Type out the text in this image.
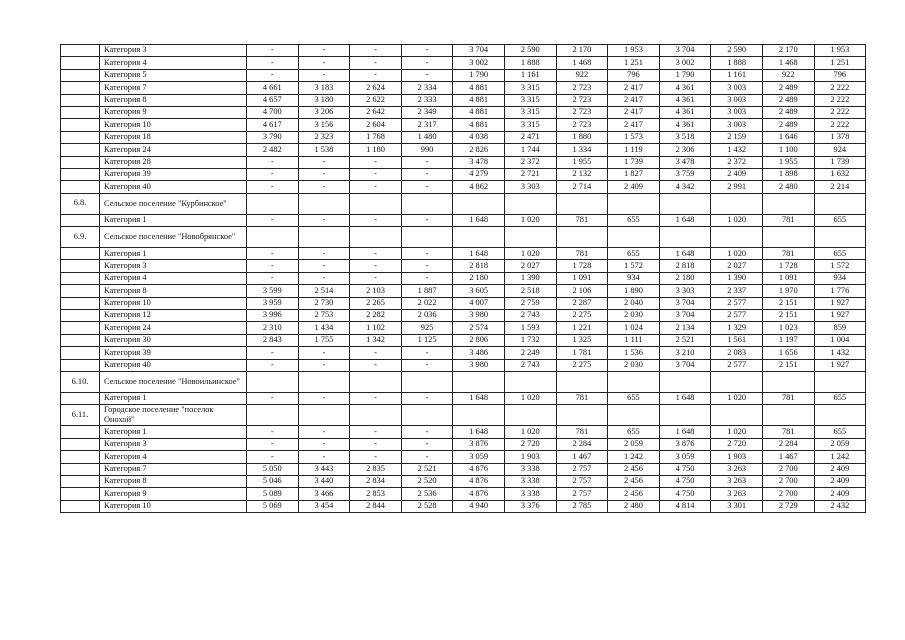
	Категория 3	-	-	-	-	3 704	2 590	2 170	1 953	3 704	2 590	2 170	1 953
	Категория 4	-	-	-	-	3 002	1 888	1 468	1 251	3 002	1 888	1 468	1 251
	Категория 5	-	-	-	-	1 790	1 161	922	796	1 790	1 161	922	796
	Категория 7	4 661	3 183	2 624	2 334	4 881	3 315	2 723	2 417	4 361	3 003	2 489	2 222
	Категория 8	4 657	3 180	2 622	2 333	4 881	3 315	2 723	2 417	4 361	3 003	2 489	2 222
	Категория 9	4 700	3 206	2 642	2 349	4 881	3 315	2 723	2 417	4 361	3 003	2 489	2 222
	Категория 10	4 617	3 156	2 604	2 317	4 881	3 315	2 723	2 417	4 361	3 003	2 489	2 222
	Категория 18	3 790	2 323	1 768	1 480	4 038	2 471	1 880	1 573	3 518	2 159	1 646	1 378
	Категория 24	2 482	1 538	1 180	990	2 826	1 744	1 334	1 119	2 306	1 432	1 100	924
	Категория 28	-	-	-	-	3 478	2 372	1 955	1 739	3 478	2 372	1 955	1 739
	Категория 39	-	-	-	-	4 279	2 721	2 132	1 827	3 759	2 409	1 898	1 632
	Категория 40	-	-	-	-	4 862	3 303	2 714	2 409	4 342	2 991	2 480	2 214
6.8.	Сельское поселение "Курбинское"												
	Категория 1	-	-	-	-	1 648	1 020	781	655	1 648	1 020	781	655
6.9.	Сельское поселение "Новобрянское"												
	Категория 1	-	-	-	-	1 648	1 020	781	655	1 648	1 020	781	655
	Категория 3	-	-	-	-	2 818	2 027	1 728	1 572	2 818	2 027	1 728	1 572
	Категория 4	-	-	-	-	2 180	1 390	1 091	934	2 180	1 390	1 091	934
	Категория 8	3 599	2 514	2 103	1 887	3 605	2 518	2 106	1 890	3 303	2 337	1 970	1 776
	Категория 10	3 959	2 730	2 265	2 022	4 007	2 759	2 287	2 040	3 704	2 577	2 151	1 927
	Категория 12	3 996	2 753	2 282	2 036	3 980	2 743	2 275	2 030	3 704	2 577	2 151	1 927
	Категория 24	2 310	1 434	1 102	925	2 574	1 593	1 221	1 024	2 134	1 329	1 023	859
	Категория 30	2 843	1 755	1 342	1 125	2 806	1 732	1 325	1 111	2 521	1 561	1 197	1 004
	Категория 39	-	-	-	-	3 486	2 249	1 781	1 536	3 210	2 083	1 656	1 432
	Категория 40	-	-	-	-	3 980	2 743	2 275	2 030	3 704	2 577	2 151	1 927
6.10.	Сельское поселение "Новоильинское"												
	Категория 1	-	-	-	-	1 648	1 020	781	655	1 648	1 020	781	655
6.11.	Городское поселение "поселок Онохой"												
	Категория 1	-	-	-	-	1 648	1 020	781	655	1 648	1 020	781	655
	Категория 3	-	-	-	-	3 876	2 720	2 284	2 059	3 876	2 720	2 284	2 059
	Категория 4	-	-	-	-	3 059	1 903	1 467	1 242	3 059	1 903	1 467	1 242
	Категория 7	5 050	3 443	2 835	2 521	4 876	3 338	2 757	2 456	4 750	3 263	2 700	2 409
	Категория 8	5 046	3 440	2 834	2 520	4 876	3 338	2 757	2 456	4 750	3 263	2 700	2 409
	Категория 9	5 089	3 466	2 853	2 536	4 876	3 338	2 757	2 456	4 750	3 263	2 700	2 409
	Категория 10	5 069	3 454	2 844	2 528	4 940	3 376	2 785	2 480	4 814	3 301	2 729	2 432
